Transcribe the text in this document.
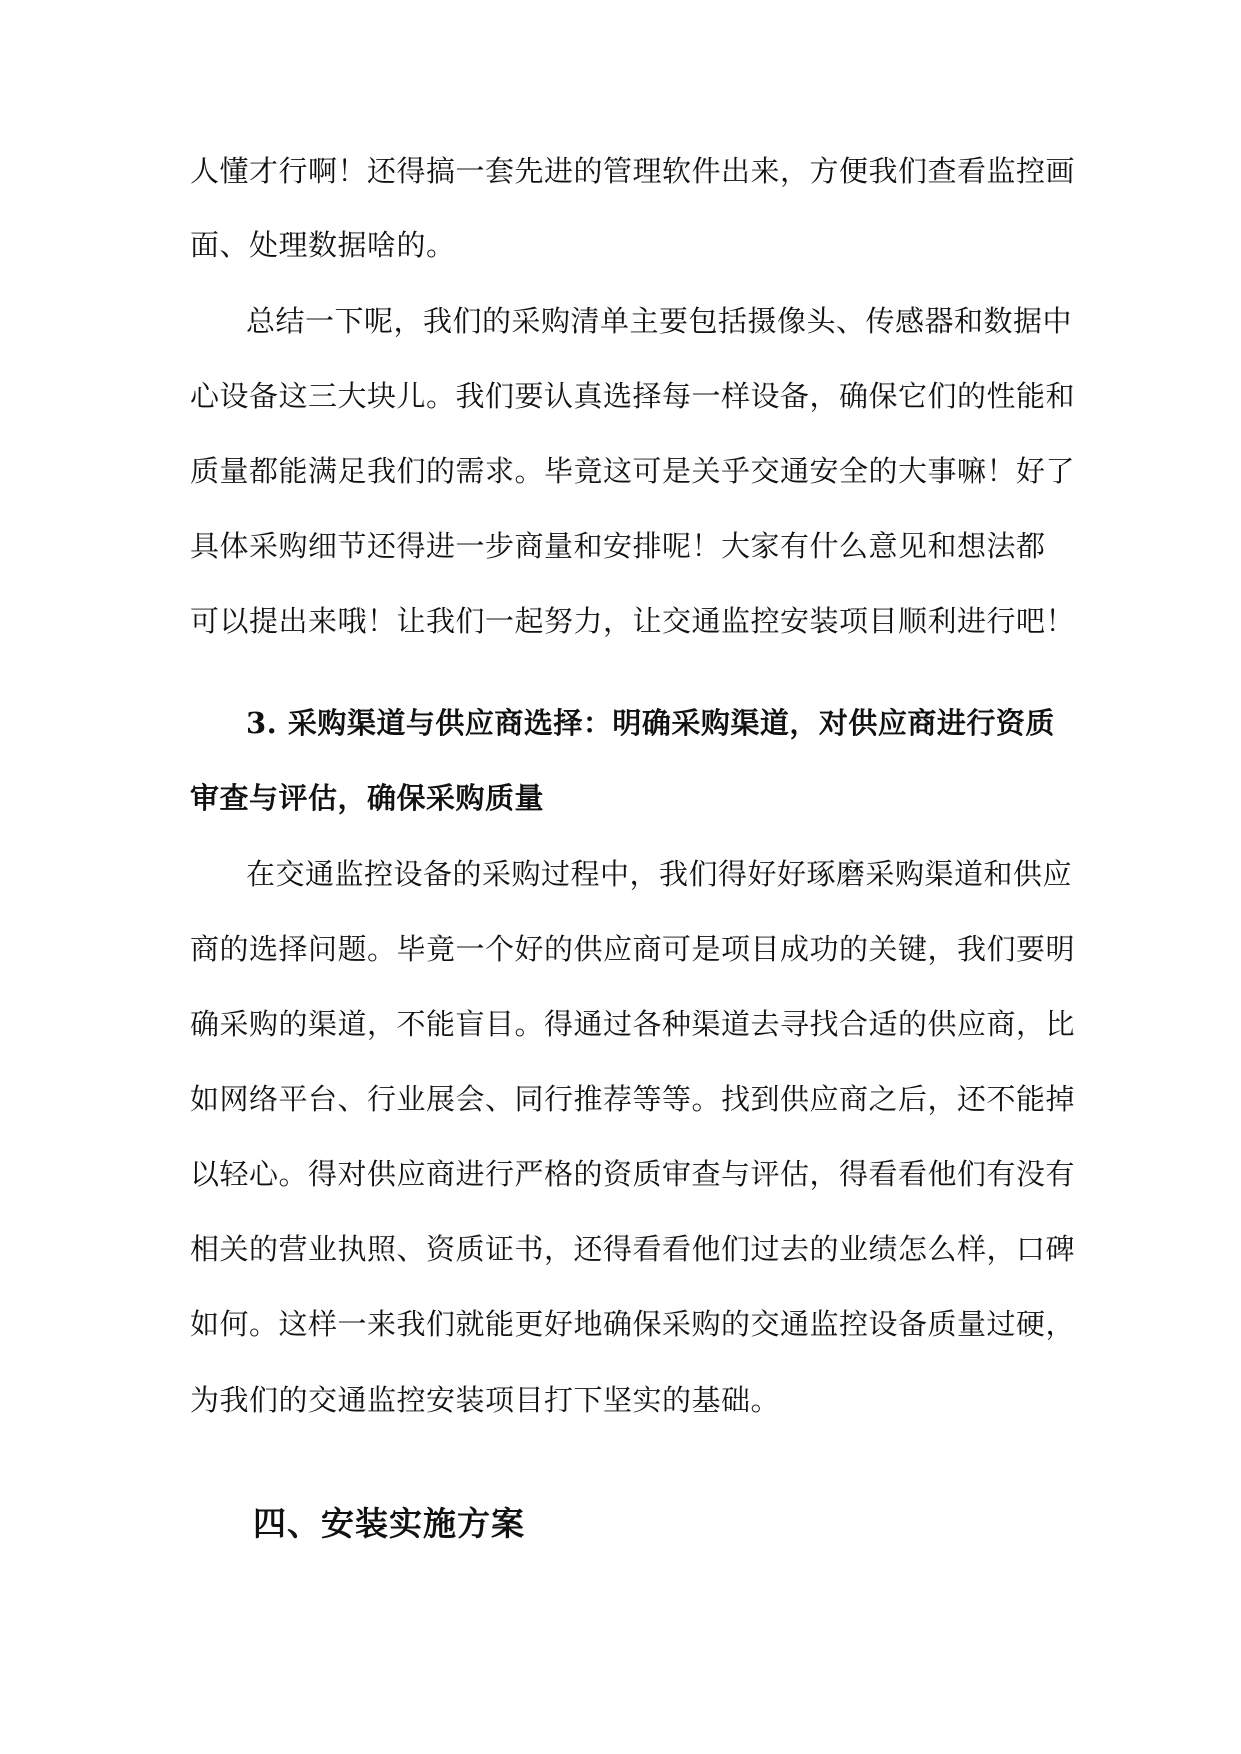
人懂才行啊！还得搞一套先进的管理软件出来，方便我们查看监控画
面、处理数据啥的。
总结一下呢，我们的采购清单主要包括摄像头、传感器和数据中
心设备这三大块儿。我们要认真选择每一样设备，确保它们的性能和
质量都能满足我们的需求。毕竟这可是关乎交通安全的大事嘛！好了
具体采购细节还得进一步商量和安排呢！大家有什么意见和想法都
可以提出来哦！让我们一起努力，让交通监控安装项目顺利进行吧！
3. 采购渠道与供应商选择：明确采购渠道，对供应商进行资质
审查与评估，确保采购质量
在交通监控设备的采购过程中，我们得好好琢磨采购渠道和供应
商的选择问题。毕竟一个好的供应商可是项目成功的关键，我们要明
确采购的渠道，不能盲目。得通过各种渠道去寻找合适的供应商，比
如网络平台、行业展会、同行推荐等等。找到供应商之后，还不能掉
以轻心。得对供应商进行严格的资质审查与评估，得看看他们有没有
相关的营业执照、资质证书，还得看看他们过去的业绩怎么样，口碑
如何。这样一来我们就能更好地确保采购的交通监控设备质量过硬，
为我们的交通监控安装项目打下坚实的基础。
四、安装实施方案
